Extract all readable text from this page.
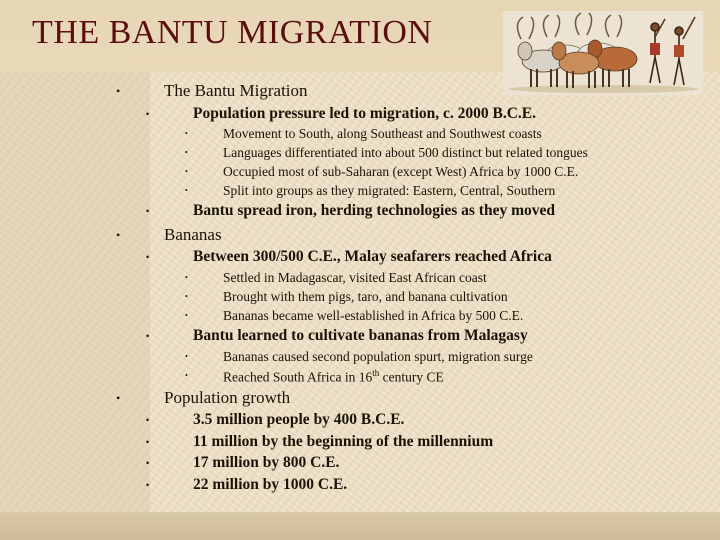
THE BANTU MIGRATION
•	The Bantu Migration
•	Population pressure led to migration, c. 2000 B.C.E.
•	Movement to South, along Southeast and Southwest coasts
•	Languages differentiated into about 500 distinct but related tongues
•	Occupied most of sub-Saharan (except West) Africa by 1000 C.E.
•	Split into groups as they migrated: Eastern, Central, Southern
•	Bantu spread iron, herding technologies as they moved
•	Bananas
•	Between 300/500 C.E., Malay seafarers reached Africa
•	Settled in Madagascar, visited East African coast
•	Brought with them pigs, taro, and banana cultivation
•	Bananas became well-established in Africa by 500 C.E.
•	Bantu learned to cultivate bananas from Malagasy
•	Bananas caused second population spurt, migration surge
•	Reached South Africa in 16th century CE
•	Population growth
•	3.5 million people by 400 B.C.E.
•	11 million by the beginning of the millennium
•	17 million by 800 C.E.
•	22 million by 1000 C.E.
